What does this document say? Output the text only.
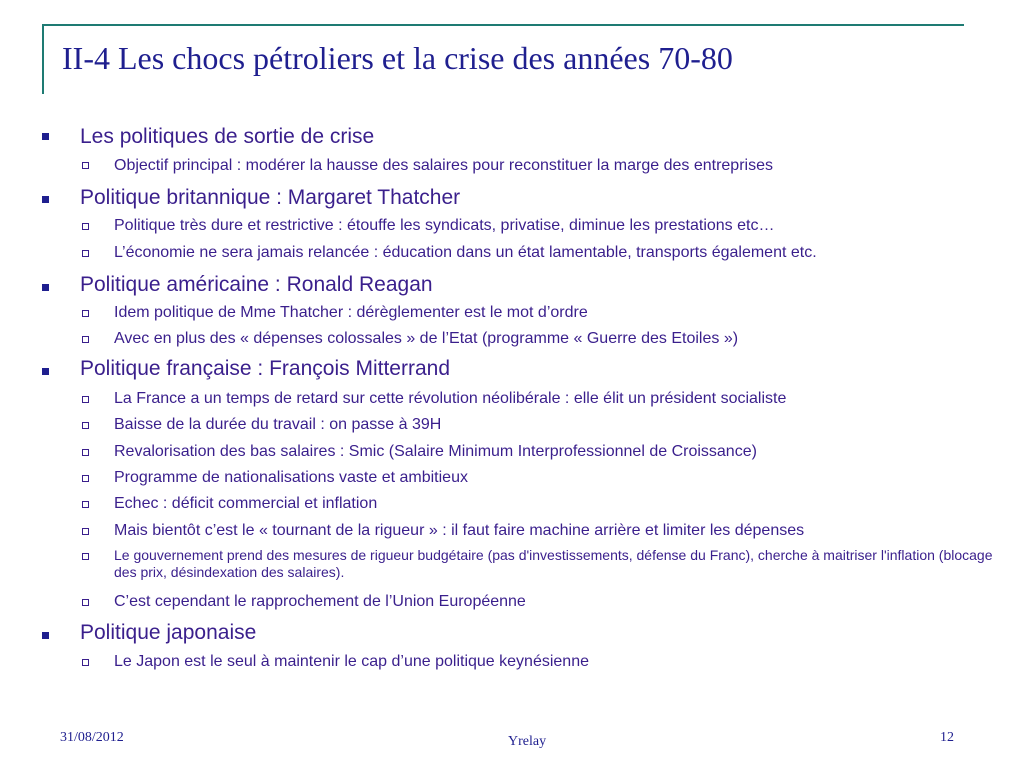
II-4 Les chocs pétroliers et la crise des années 70-80
Les politiques de sortie de crise
Objectif principal : modérer la hausse des salaires pour reconstituer la marge des entreprises
Politique britannique : Margaret Thatcher
Politique très dure et restrictive : étouffe les syndicats, privatise, diminue les prestations etc…
L’économie ne sera jamais relancée : éducation dans un état lamentable, transports également etc.
Politique américaine : Ronald Reagan
Idem politique de Mme Thatcher : dérèglementer est le mot d’ordre
Avec en plus des « dépenses colossales » de l’Etat (programme « Guerre des Etoiles »)
Politique française : François Mitterrand
La France a un temps de retard sur cette révolution néolibérale : elle élit un président socialiste
Baisse de la durée du travail : on passe à 39H
Revalorisation des bas salaires : Smic (Salaire Minimum Interprofessionnel de Croissance)
Programme de nationalisations vaste et ambitieux
Echec : déficit commercial et inflation
Mais bientôt c’est le « tournant de la rigueur » : il faut faire machine arrière et limiter les dépenses
Le gouvernement prend des mesures de rigueur budgétaire (pas d'investissements, défense du Franc), cherche à maitriser l'inflation (blocage des prix, désindexation des salaires).
C’est cependant le rapprochement de l’Union Européenne
Politique japonaise
Le Japon est le seul à maintenir le cap d’une politique keynésienne
31/08/2012	Yrelay	12
